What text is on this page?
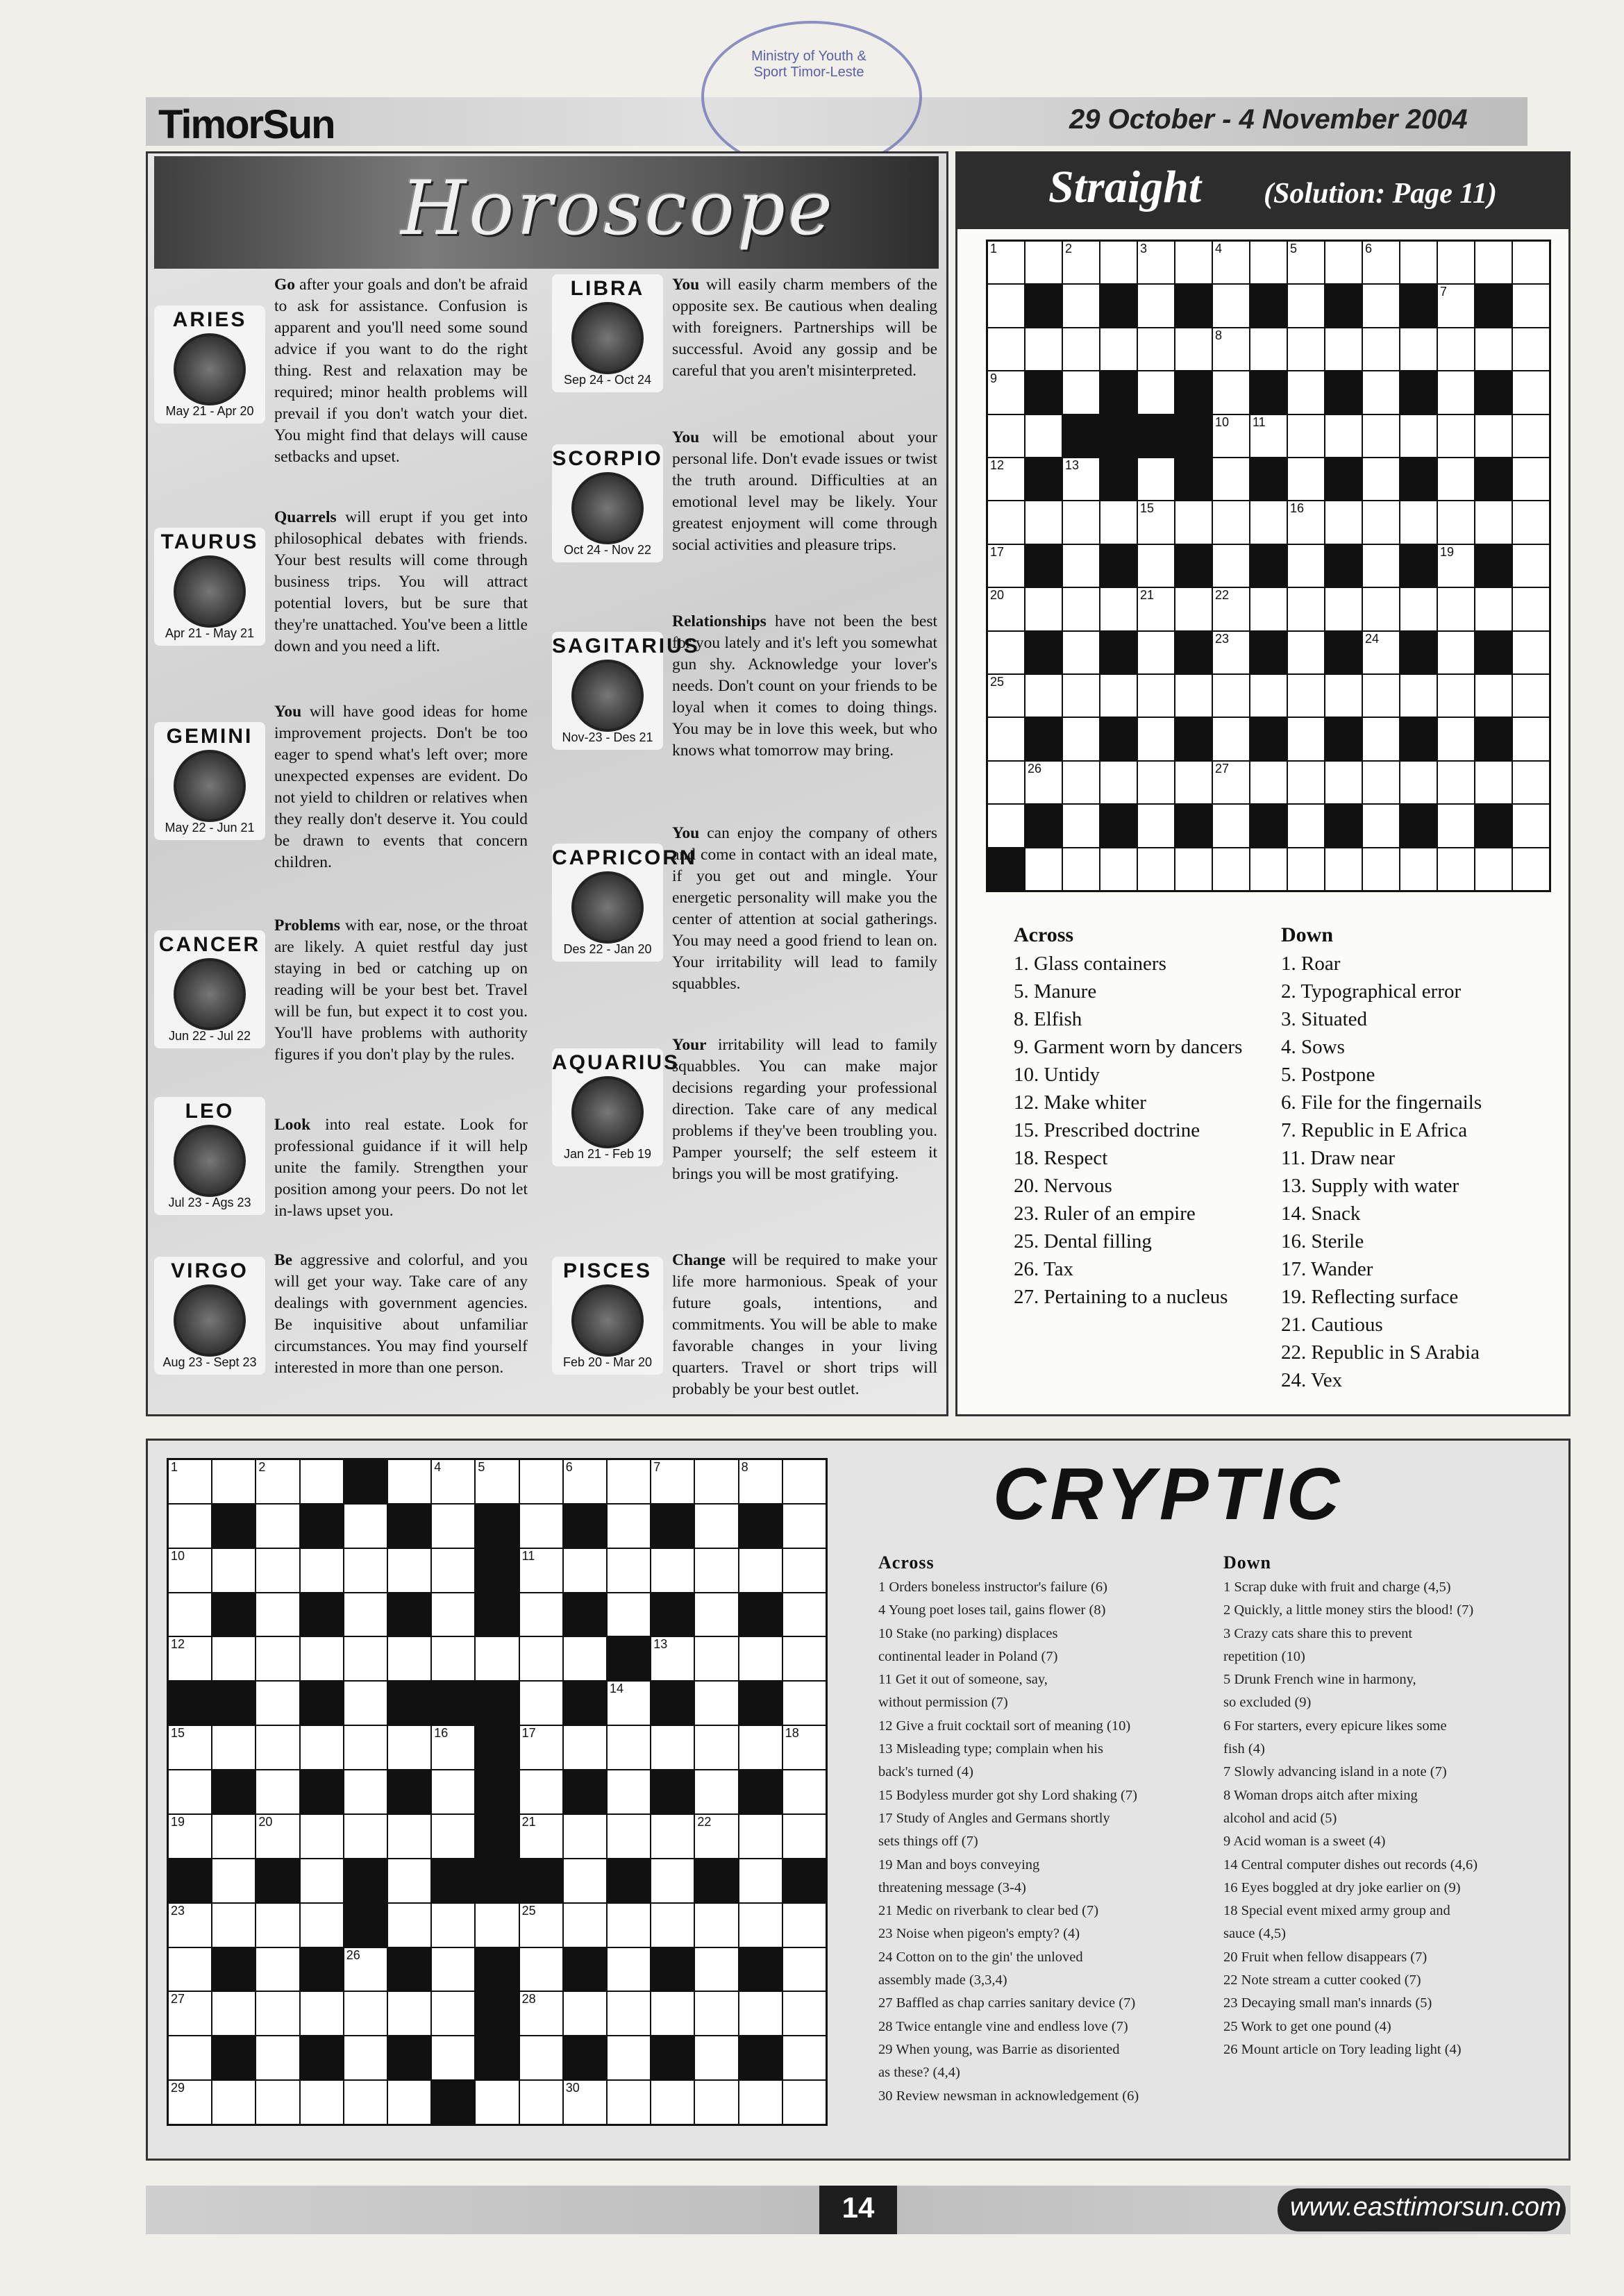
TimorSun	29 October - 4 November 2004
Ministry of Youth & Sport Timor-Leste
Horoscope
ARIES
May 21 - Apr 20
Go after your goals and don't be afraid to ask for assistance. Confusion is apparent and you'll need some sound advice if you want to do the right thing. Rest and relaxation may be required; minor health problems will prevail if you don't watch your diet. You might find that delays will cause setbacks and upset.
TAURUS
Apr 21 - May 21
Quarrels will erupt if you get into philosophical debates with friends. Your best results will come through business trips. You will attract potential lovers, but be sure that they're unattached. You've been a little down and you need a lift.
GEMINI
May 22 - Jun 21
You will have good ideas for home improvement projects. Don't be too eager to spend what's left over; more unexpected expenses are evident. Do not yield to children or relatives when they really don't deserve it. You could be drawn to events that concern children.
CANCER
Jun 22 - Jul 22
Problems with ear, nose, or the throat are likely. A quiet restful day just staying in bed or catching up on reading will be your best bet. Travel will be fun, but expect it to cost you. You'll have problems with authority figures if you don't play by the rules.
LEO
Jul 23 - Ags 23
Look into real estate. Look for professional guidance if it will help unite the family. Strengthen your position among your peers. Do not let in-laws upset you.
VIRGO
Aug 23 - Sept 23
Be aggressive and colorful, and you will get your way. Take care of any dealings with government agencies. Be inquisitive about unfamiliar circumstances. You may find yourself interested in more than one person.
LIBRA
Sep 24 - Oct 24
You will easily charm members of the opposite sex. Be cautious when dealing with foreigners. Partnerships will be successful. Avoid any gossip and be careful that you aren't misinterpreted.
SCORPIO
Oct 24 - Nov 22
You will be emotional about your personal life. Don't evade issues or twist the truth around. Difficulties at an emotional level may be likely. Your greatest enjoyment will come through social activities and pleasure trips.
SAGITARIUS
Nov-23 - Des 21
Relationships have not been the best for you lately and it's left you somewhat gun shy. Acknowledge your lover's needs. Don't count on your friends to be loyal when it comes to doing things. You may be in love this week, but who knows what tomorrow may bring.
CAPRICORN
Des 22 - Jan 20
You can enjoy the company of others and come in contact with an ideal mate, if you get out and mingle. Your energetic personality will make you the center of attention at social gatherings. You may need a good friend to lean on. Your irritability will lead to family squabbles.
AQUARIUS
Jan 21 - Feb 19
Your irritability will lead to family squabbles. You can make major decisions regarding your professional direction. Take care of any medical problems if they've been troubling you. Pamper yourself; the self esteem it brings you will be most gratifying.
PISCES
Feb 20 - Mar 20
Change will be required to make your life more harmonious. Speak of your future goals, intentions, and commitments. You will be able to make favorable changes in your living quarters. Travel or short trips will probably be your best outlet.
Straight (Solution: Page 11)
1	2	3	4	5	6
7
8
9
10 11
12	13
15	16
17	19
20	21	22
23	24
25
26	27
Across
1. Glass containers
5. Manure
8. Elfish
9. Garment worn by dancers
10. Untidy
12. Make whiter
15. Prescribed doctrine
18. Respect
20. Nervous
23. Ruler of an empire
25. Dental filling
26. Tax
27. Pertaining to a nucleus
Down
1. Roar
2. Typographical error
3. Situated
4. Sows
5. Postpone
6. File for the fingernails
7. Republic in E Africa
11. Draw near
13. Supply with water
14. Snack
16. Sterile
17. Wander
19. Reflecting surface
21. Cautious
22. Republic in S Arabia
24. Vex
1	2	4	5	6	7	8
10	11
12	13
14
15	16	17	18
19	20	21	22
23	25
26
27	28
29	30
CRYPTIC
Across
1 Orders boneless instructor's failure (6)
4 Young poet loses tail, gains flower (8)
10 Stake (no parking) displaces
continental leader in Poland (7)
11 Get it out of someone, say,
without permission (7)
12 Give a fruit cocktail sort of meaning (10)
13 Misleading type; complain when his
back's turned (4)
15 Bodyless murder got shy Lord shaking (7)
17 Study of Angles and Germans shortly
sets things off (7)
19 Man and boys conveying
threatening message (3-4)
21 Medic on riverbank to clear bed (7)
23 Noise when pigeon's empty? (4)
24 Cotton on to the gin' the unloved
assembly made (3,3,4)
27 Baffled as chap carries sanitary device (7)
28 Twice entangle vine and endless love (7)
29 When young, was Barrie as disoriented
as these? (4,4)
30 Review newsman in acknowledgement (6)
Down
1 Scrap duke with fruit and charge (4,5)
2 Quickly, a little money stirs the blood! (7)
3 Crazy cats share this to prevent
repetition (10)
5 Drunk French wine in harmony,
so excluded (9)
6 For starters, every epicure likes some
fish (4)
7 Slowly advancing island in a note (7)
8 Woman drops aitch after mixing
alcohol and acid (5)
9 Acid woman is a sweet (4)
14 Central computer dishes out records (4,6)
16 Eyes boggled at dry joke earlier on (9)
18 Special event mixed army group and
sauce (4,5)
20 Fruit when fellow disappears (7)
22 Note stream a cutter cooked (7)
23 Decaying small man's innards (5)
25 Work to get one pound (4)
26 Mount article on Tory leading light (4)
14	www.easttimorsun.com
